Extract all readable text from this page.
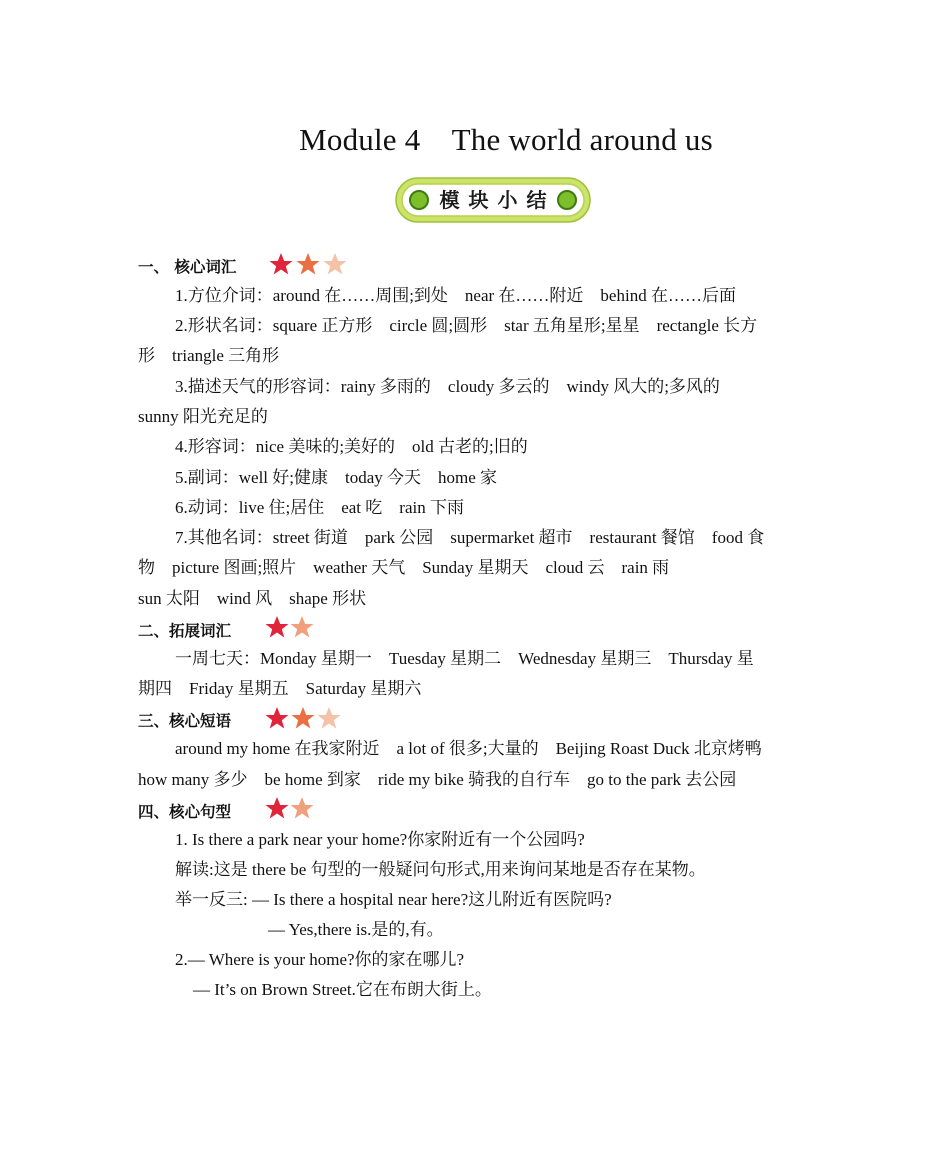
Module 4    The world around us
模块小结
一、 核心词汇
1.方位介词：around 在……周围;到处    near 在……附近    behind 在……后面
2.形状名词：square 正方形    circle 圆;圆形    star 五角星形;星星    rectangle 长方
形    triangle 三角形
3.描述天气的形容词：rainy 多雨的    cloudy 多云的    windy 风大的;多风的
sunny 阳光充足的
4.形容词：nice 美味的;美好的    old 古老的;旧的
5.副词：well 好;健康    today 今天    home 家
6.动词：live 住;居住    eat 吃    rain 下雨
7.其他名词：street 街道    park 公园    supermarket 超市    restaurant 餐馆    food 食
物    picture 图画;照片    weather 天气    Sunday 星期天    cloud 云    rain 雨
sun 太阳    wind 风    shape 形状
二、拓展词汇
一周七天：Monday 星期一    Tuesday 星期二    Wednesday 星期三    Thursday 星
期四    Friday 星期五    Saturday 星期六
三、核心短语
around my home 在我家附近    a lot of 很多;大量的    Beijing Roast Duck 北京烤鸭
how many 多少    be home 到家    ride my bike 骑我的自行车    go to the park 去公园
四、核心句型
1. Is there a park near your home?你家附近有一个公园吗?
解读:这是 there be 句型的一般疑问句形式,用来询问某地是否存在某物。
举一反三: — Is there a hospital near here?这儿附近有医院吗?
— Yes,there is.是的,有。
2.— Where is your home?你的家在哪儿?
— It’s on Brown Street.它在布朗大街上。
